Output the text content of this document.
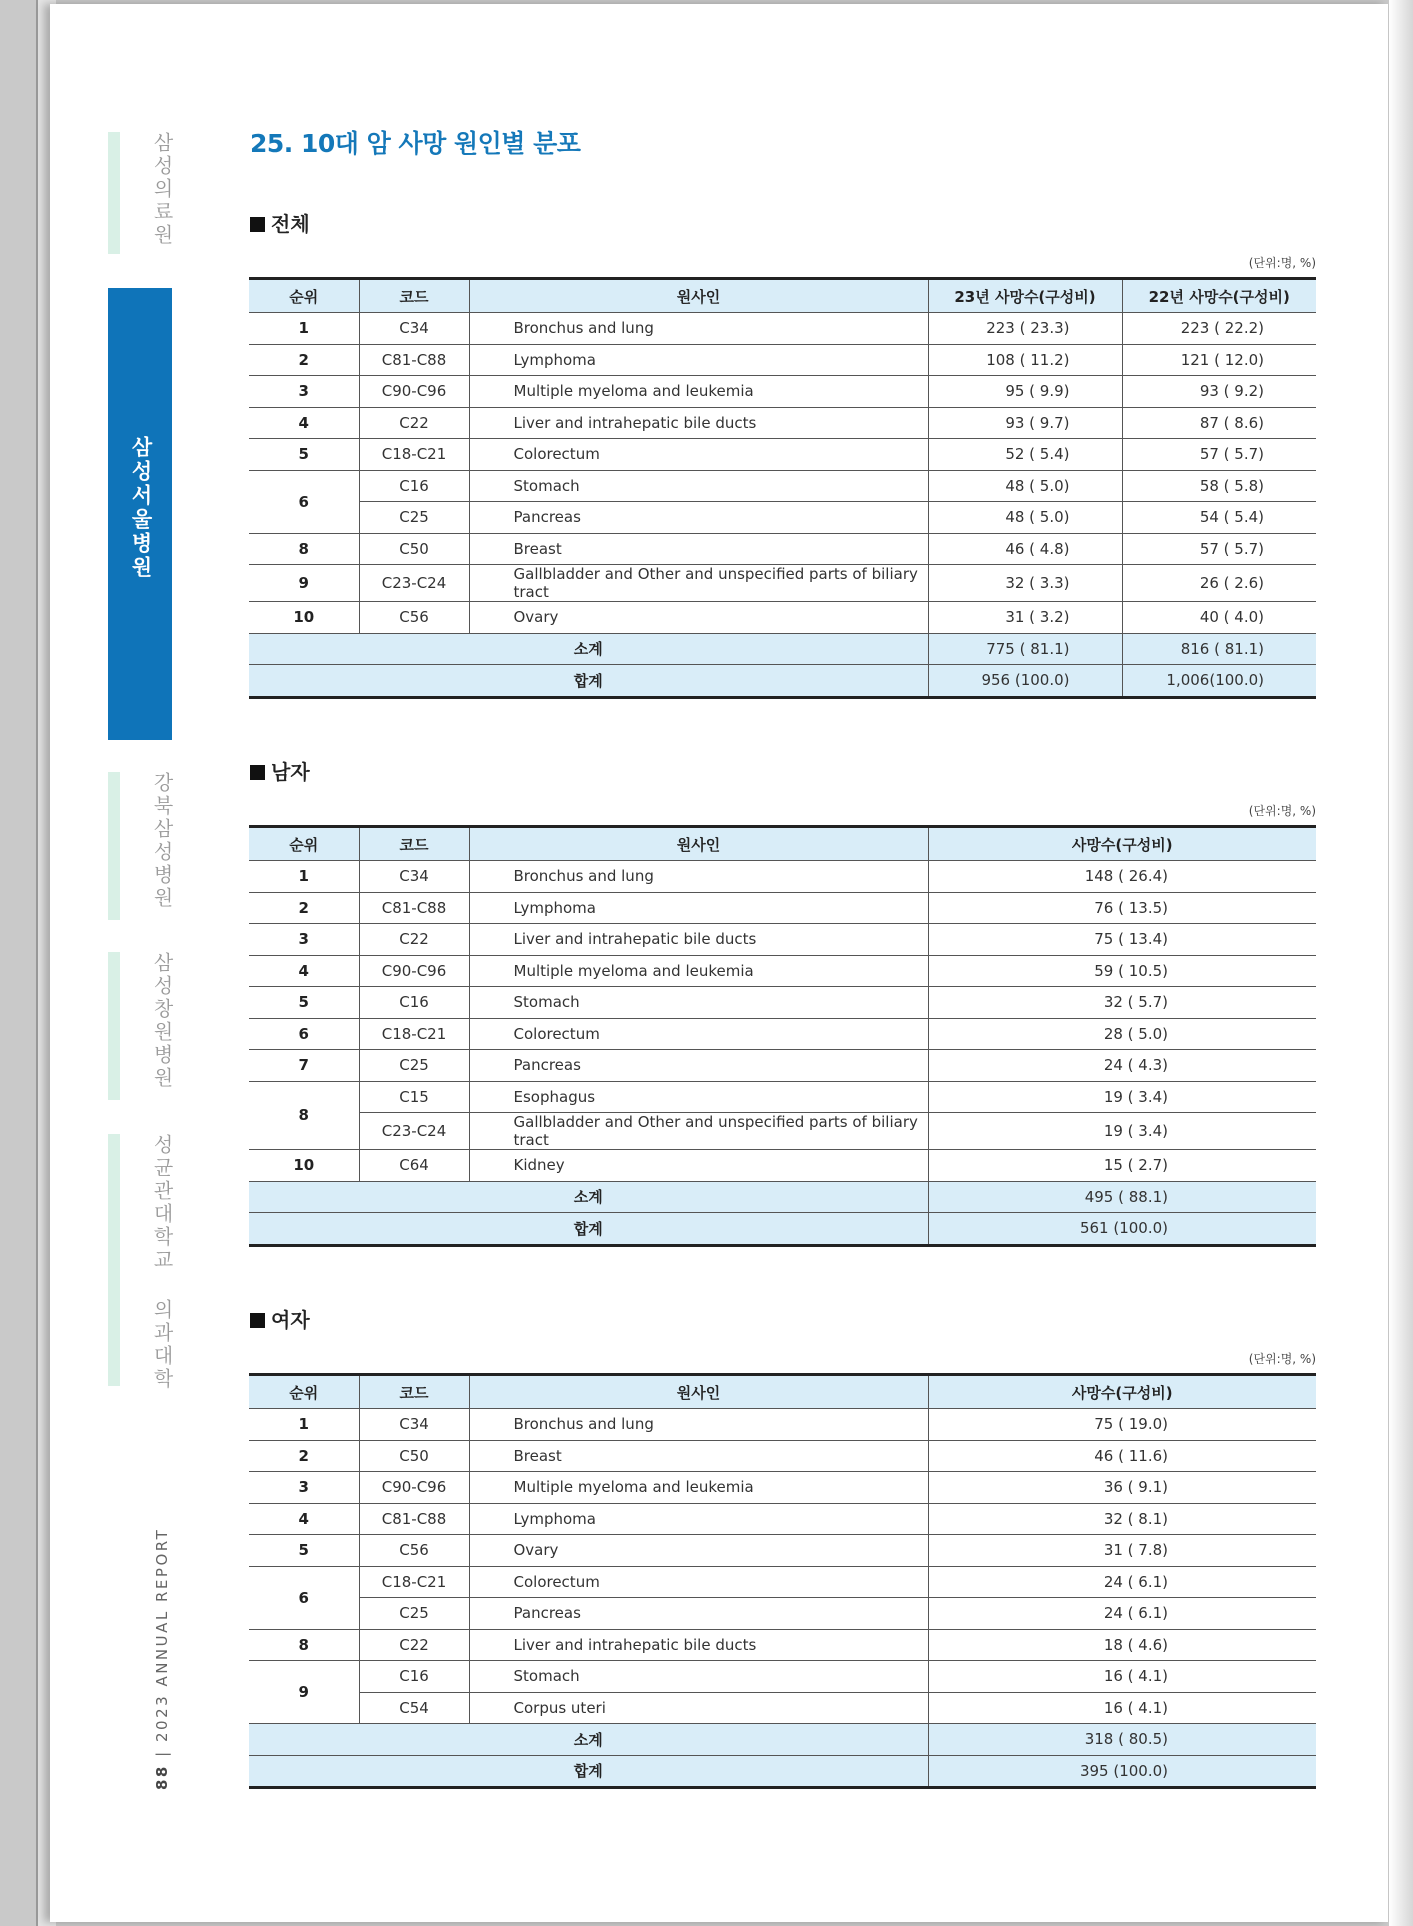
삼성의료원
삼성서울병원
강북삼성병원
삼성창원병원
성균관대학교 의과대학
88 | 2023 ANNUAL REPORT
25. 10대 암 사망 원인별 분포
전체
(단위:명, %)
순위	코드	원사인	23년 사망수(구성비)	22년 사망수(구성비)
1	C34	Bronchus and lung	223 ( 23.3)	223 ( 22.2)
2	C81-C88	Lymphoma	108 ( 11.2)	121 ( 12.0)
3	C90-C96	Multiple myeloma and leukemia	95 ( 9.9)	93 ( 9.2)
4	C22	Liver and intrahepatic bile ducts	93 ( 9.7)	87 ( 8.6)
5	C18-C21	Colorectum	52 ( 5.4)	57 ( 5.7)
6	C16	Stomach	48 ( 5.0)	58 ( 5.8)
	C25	Pancreas	48 ( 5.0)	54 ( 5.4)
8	C50	Breast	46 ( 4.8)	57 ( 5.7)
9	C23-C24	Gallbladder and Other and unspecified parts of biliary tract	32 ( 3.3)	26 ( 2.6)
10	C56	Ovary	31 ( 3.2)	40 ( 4.0)
소계			775 ( 81.1)	816 ( 81.1)
합계			956 (100.0)	1,006(100.0)
남자
(단위:명, %)
순위	코드	원사인	사망수(구성비)
1	C34	Bronchus and lung	148 ( 26.4)
2	C81-C88	Lymphoma	76 ( 13.5)
3	C22	Liver and intrahepatic bile ducts	75 ( 13.4)
4	C90-C96	Multiple myeloma and leukemia	59 ( 10.5)
5	C16	Stomach	32 ( 5.7)
6	C18-C21	Colorectum	28 ( 5.0)
7	C25	Pancreas	24 ( 4.3)
8	C15	Esophagus	19 ( 3.4)
	C23-C24	Gallbladder and Other and unspecified parts of biliary tract	19 ( 3.4)
10	C64	Kidney	15 ( 2.7)
소계			495 ( 88.1)
합계			561 (100.0)
여자
(단위:명, %)
순위	코드	원사인	사망수(구성비)
1	C34	Bronchus and lung	75 ( 19.0)
2	C50	Breast	46 ( 11.6)
3	C90-C96	Multiple myeloma and leukemia	36 ( 9.1)
4	C81-C88	Lymphoma	32 ( 8.1)
5	C56	Ovary	31 ( 7.8)
6	C18-C21	Colorectum	24 ( 6.1)
	C25	Pancreas	24 ( 6.1)
8	C22	Liver and intrahepatic bile ducts	18 ( 4.6)
9	C16	Stomach	16 ( 4.1)
	C54	Corpus uteri	16 ( 4.1)
소계			318 ( 80.5)
합계			395 (100.0)
